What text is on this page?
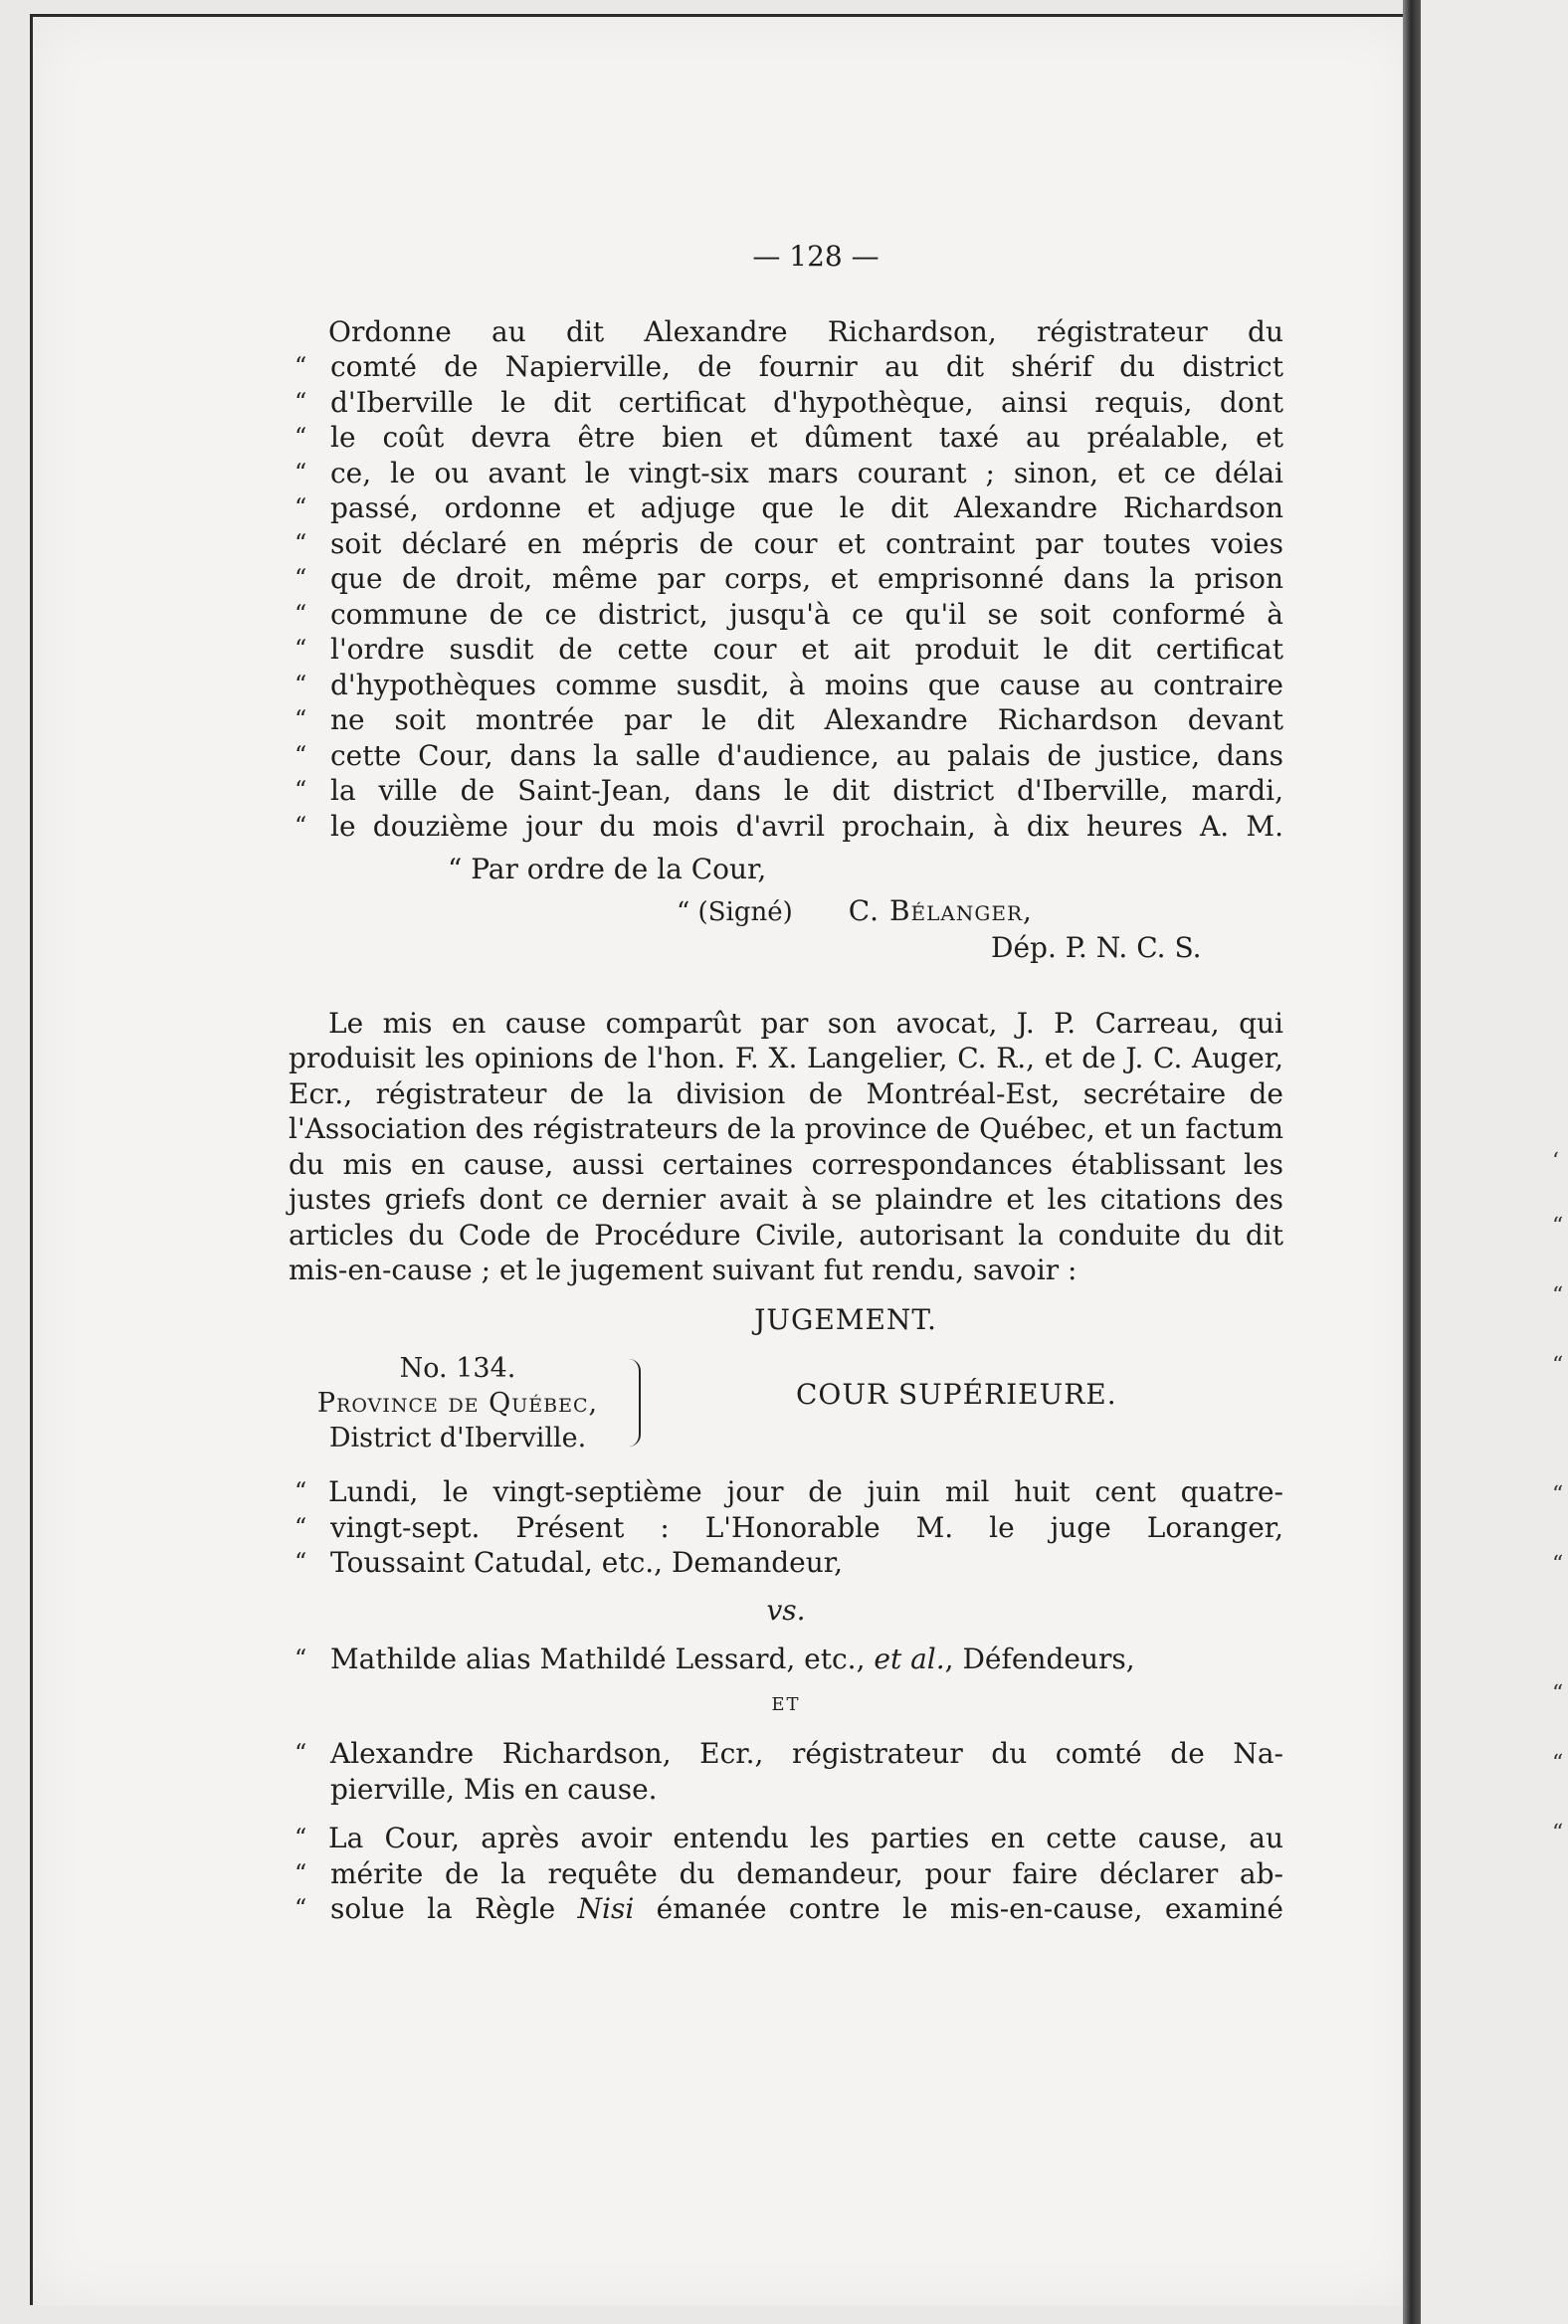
‘
“
“
“
“
“
“
“
“
— 128 —
Ordonne au dit Alexandre Richardson, régistrateur du
“ comté de Napierville, de fournir au dit shérif du district
“ d'Iberville le dit certificat d'hypothèque, ainsi requis, dont
“ le coût devra être bien et dûment taxé au préalable, et
“ ce, le ou avant le vingt-six mars courant ; sinon, et ce délai
“ passé, ordonne et adjuge que le dit Alexandre Richardson
“ soit déclaré en mépris de cour et contraint par toutes voies
“ que de droit, même par corps, et emprisonné dans la prison
“ commune de ce district, jusqu'à ce qu'il se soit conformé à
“ l'ordre susdit de cette cour et ait produit le dit certificat
“ d'hypothèques comme susdit, à moins que cause au contraire
“ ne soit montrée par le dit Alexandre Richardson devant
“ cette Cour, dans la salle d'audience, au palais de justice, dans
“ la ville de Saint-Jean, dans le dit district d'Iberville, mardi,
“ le douzième jour du mois d'avril prochain, à dix heures A. M.
“ Par ordre de la Cour,
“ (Signé) C. Bélanger,
Dép. P. N. C. S.

Le mis en cause comparût par son avocat, J. P. Carreau, qui produisit les opinions de l'hon. F. X. Langelier, C. R., et de J. C. Auger, Ecr., régistrateur de la division de Montréal-Est, secrétaire de l'Association des régistrateurs de la province de Québec, et un factum du mis en cause, aussi certaines correspondances établissant les justes griefs dont ce dernier avait à se plaindre et les citations des articles du Code de Procédure Civile, autorisant la conduite du dit mis-en-cause ; et le jugement suivant fut rendu, savoir :

JUGEMENT.
No. 134.
Province de Québec,
District d'Iberville.
COUR SUPÉRIEURE.
“ Lundi, le vingt-septième jour de juin mil huit cent quatre-
“ vingt-sept. Présent : L'Honorable M. le juge Loranger,
“ Toussaint Catudal, etc., Demandeur,
vs.
“ Mathilde alias Mathildé Lessard, etc., et al., Défendeurs,
ET
“ Alexandre Richardson, Ecr., régistrateur du comté de Na-
pierville, Mis en cause.
“ La Cour, après avoir entendu les parties en cette cause, au
“ mérite de la requête du demandeur, pour faire déclarer ab-
“ solue la Règle Nisi émanée contre le mis-en-cause, examiné
